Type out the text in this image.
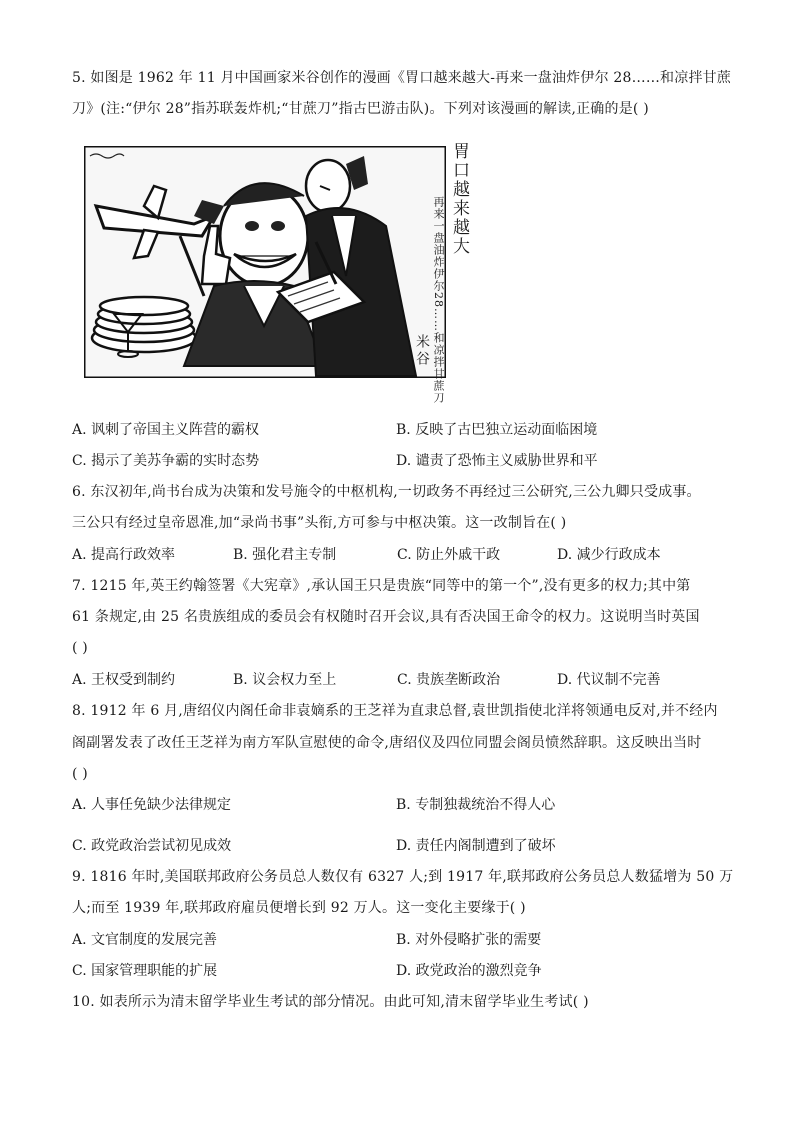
5. 如图是 1962 年 11 月中国画家米谷创作的漫画《胃口越来越大-再来一盘油炸伊尔 28……和凉拌甘蔗
刀》(注:“伊尔 28”指苏联轰炸机;“甘蔗刀”指古巴游击队)。下列对该漫画的解读,正确的是( )
胃口越来越大
再来一盘油炸伊尔28……和凉拌甘蔗刀
米谷
A. 讽刺了帝国主义阵营的霸权	B. 反映了古巴独立运动面临困境
C. 揭示了美苏争霸的实时态势	D. 谴责了恐怖主义威胁世界和平
6. 东汉初年,尚书台成为决策和发号施令的中枢机构,一切政务不再经过三公研究,三公九卿只受成事。
三公只有经过皇帝恩准,加“录尚书事”头衔,方可参与中枢决策。这一改制旨在( )
A. 提高行政效率	B. 强化君主专制	C. 防止外戚干政	D. 减少行政成本
7. 1215 年,英王约翰签署《大宪章》,承认国王只是贵族“同等中的第一个”,没有更多的权力;其中第
61 条规定,由 25 名贵族组成的委员会有权随时召开会议,具有否决国王命令的权力。这说明当时英国
( )
A. 王权受到制约	B. 议会权力至上	C. 贵族垄断政治	D. 代议制不完善
8. 1912 年 6 月,唐绍仪内阁任命非袁嫡系的王芝祥为直隶总督,袁世凯指使北洋将领通电反对,并不经内
阁副署发表了改任王芝祥为南方军队宣慰使的命令,唐绍仪及四位同盟会阁员愤然辞职。这反映出当时
( )
A. 人事任免缺少法律规定	B. 专制独裁统治不得人心
C. 政党政治尝试初见成效	D. 责任内阁制遭到了破坏
9. 1816 年时,美国联邦政府公务员总人数仅有 6327 人;到 1917 年,联邦政府公务员总人数猛增为 50 万
人;而至 1939 年,联邦政府雇员便增长到 92 万人。这一变化主要缘于( )
A. 文官制度的发展完善	B. 对外侵略扩张的需要
C. 国家管理职能的扩展	D. 政党政治的激烈竞争
10. 如表所示为清末留学毕业生考试的部分情况。由此可知,清末留学毕业生考试( )
